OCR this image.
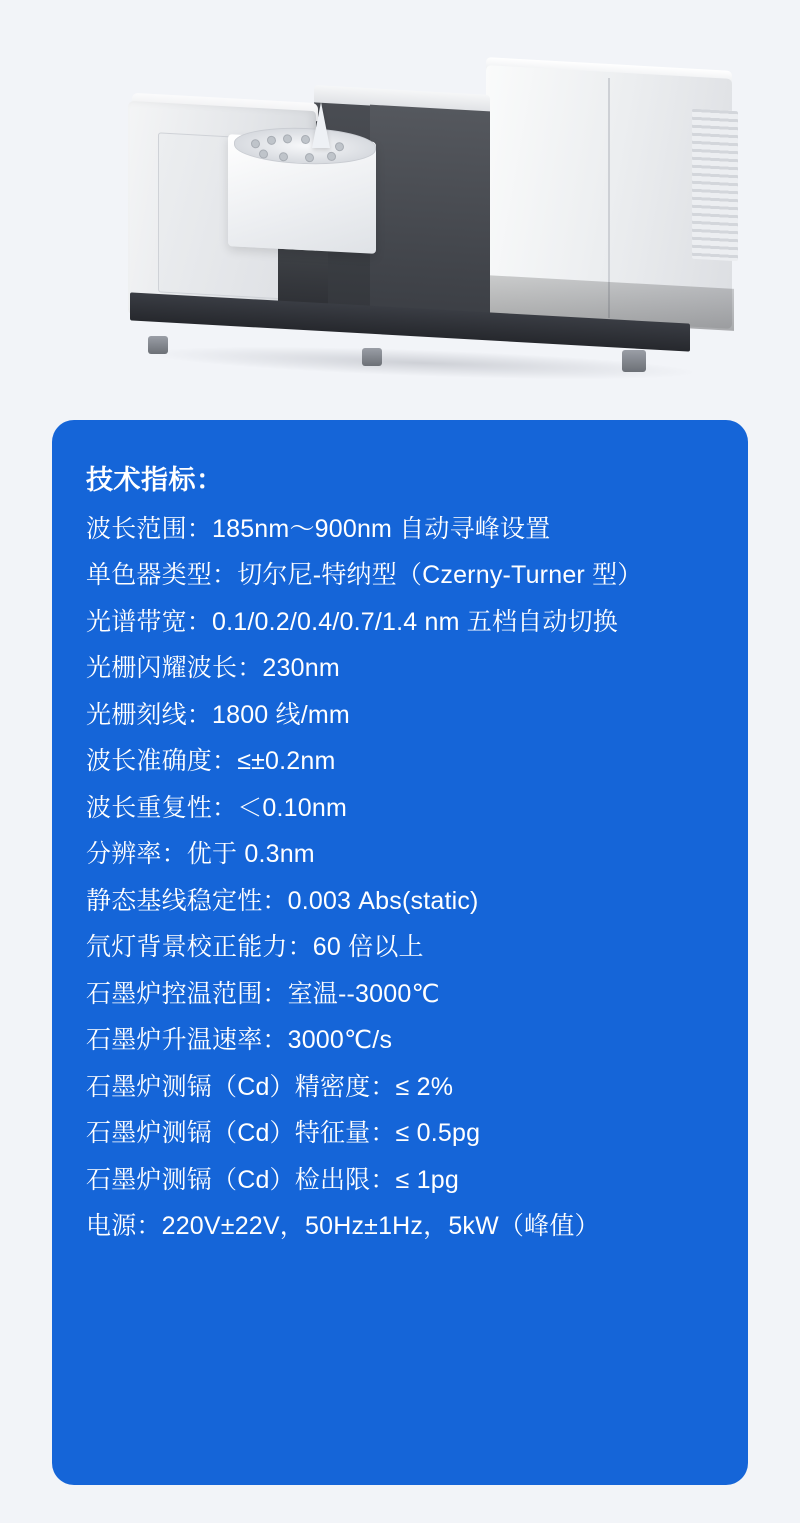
技术指标：
波长范围：185nm～900nm 自动寻峰设置
单色器类型：切尔尼-特纳型（Czerny-Turner 型）
光谱带宽：0.1/0.2/0.4/0.7/1.4 nm 五档自动切换
光栅闪耀波长：230nm
光栅刻线：1800 线/mm
波长准确度：≤±0.2nm
波长重复性：＜0.10nm
分辨率：优于 0.3nm
静态基线稳定性：0.003 Abs(static)
氘灯背景校正能力：60 倍以上
石墨炉控温范围：室温--3000℃
石墨炉升温速率：3000℃/s
石墨炉测镉（Cd）精密度：≤ 2%
石墨炉测镉（Cd）特征量：≤ 0.5pg
石墨炉测镉（Cd）检出限：≤ 1pg
电源：220V±22V，50Hz±1Hz，5kW（峰值）
